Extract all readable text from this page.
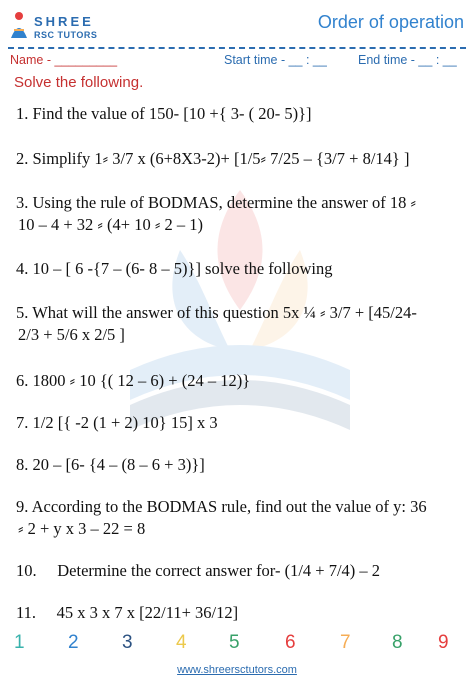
SHREE
RSC TUTORS
Order of operation
Name - _________	Start time - __ : __ End time - __ : __
Solve the following.
1. Find the value of 150- [10 +{ 3- ( 20- 5)}]
2. Simplify 1⸗ 3/7 x (6+8X3-2)+ [1/5⸗ 7/25 – {3/7 + 8/14} ]
3. Using the rule of BODMAS, determine the answer of 18 ⸗
10 – 4 + 32 ⸗ (4+ 10 ⸗ 2 – 1)
4. 10 – [ 6 -{7 – (6- 8 – 5)}] solve the following
5. What will the answer of this question 5x ¼ ⸗ 3/7 + [45/24-
2/3 + 5/6 x 2/5 ]
6. 1800 ⸗ 10 {( 12 – 6) + (24 – 12)}
7. 1/2 [{ -2 (1 + 2) 10} 15] x 3
8. 20 – [6- {4 – (8 – 6 + 3)}]
9. According to the BODMAS rule, find out the value of y: 36
⸗ 2 + y x 3 – 22 = 8
10.     Determine the correct answer for- (1/4 + 7/4) – 2
11.     45 x 3 x 7 x [22/11+ 36/12]
1 2 3 4 5 6 7 8 9
www.shreersctutors.com
